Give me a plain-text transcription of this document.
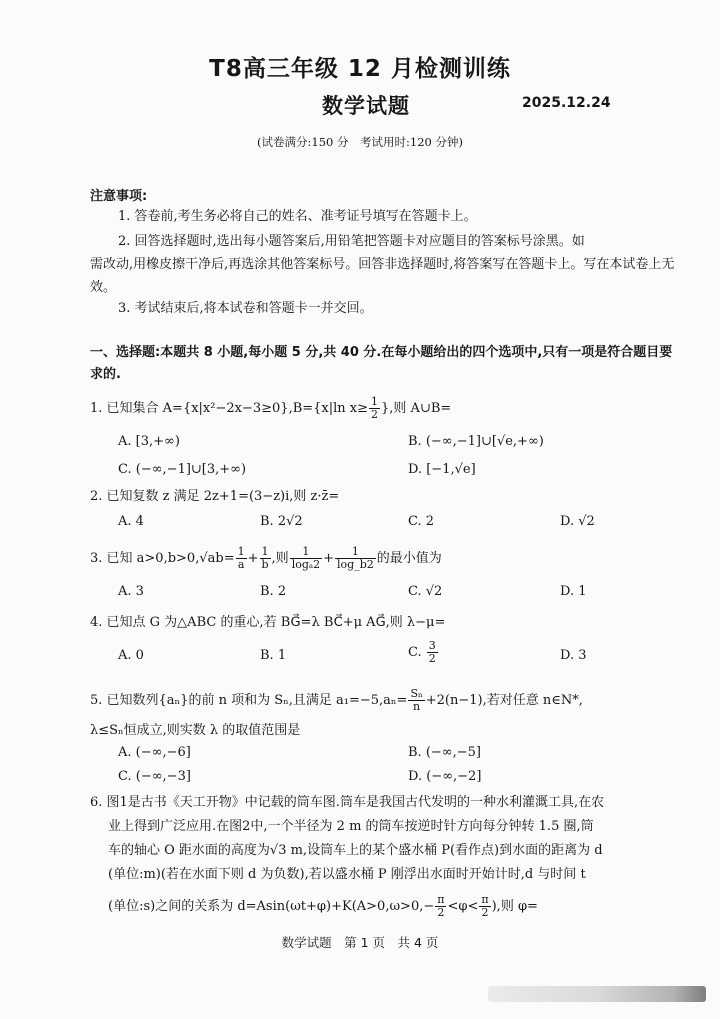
T8高三年级 12 月检测训练
数学试题	2025.12.24
(试卷满分:150 分　考试用时:120 分钟)
注意事项:
1. 答卷前,考生务必将自己的姓名、准考证号填写在答题卡上。
2. 回答选择题时,选出每小题答案后,用铅笔把答题卡对应题目的答案标号涂黑。如
需改动,用橡皮擦干净后,再选涂其他答案标号。回答非选择题时,将答案写在答题卡上。写在本试卷上无效。
3. 考试结束后,将本试卷和答题卡一并交回。
一、选择题:本题共 8 小题,每小题 5 分,共 40 分.在每小题给出的四个选项中,只有一项是符合题目要求的.
1. 已知集合 A={x|x²−2x−3≥0},B={x|ln $x\ge \frac{1}{2}$ },则 A∪B=
A. [3,+∞)	B. (−∞,−1]∪[√e,+∞)
C. (−∞,−1]∪[3,+∞)	D. [−1,√e]
2. 已知复数 z 满足 2z+1=(3−z)i,则 z·z̄=
A. 4	B. 2√2	C. 2	D. √2
3. 已知 $a>0,b>0,√ab= \frac{1}{a} + \frac{1}{b}$ ,则 $\frac{1}{\text{logₐ2}} + \frac{1}{\log\_b2}$ 的最小值为
A. 3	B. 2	C. √2	D. 1
4. 已知点 G 为△ABC 的重心,若 BG⃗=λ BC⃗+μ AG⃗,则 λ−μ=
A. 0	B. 1	C. $\frac{3}{2}$	D. 3
5. 已知数列{aₙ}的前 n 项和为 Sₙ,且满足 $a_1=-5,a_n= \frac{\text{Sₙ}}{n} +2(n-1)$,若对任意 n∈N*,
λ≤Sₙ恒成立,则实数 λ 的取值范围是
A. (−∞,−6]	B. (−∞,−5]
C. (−∞,−3]	D. (−∞,−2]
6. 图1是古书《天工开物》中记载的筒车图.筒车是我国古代发明的一种水利灌溉工具,在农
业上得到广泛应用.在图2中,一个半径为 2 m 的筒车按逆时针方向每分钟转 1.5 圈,筒
车的轴心 O 距水面的高度为√3 m,设筒车上的某个盛水桶 P(看作点)到水面的距离为 d
(单位:m)(若在水面下则 d 为负数),若以盛水桶 P 刚浮出水面时开始计时,d 与时间 t
(单位:s)之间的关系为 $d=Asin(\omega t+\varphi)+K(A>0,\omega>0,- \frac{\pi}{2} <\varphi< \frac{\pi}{2}$ ),则 φ=
数学试题　第 1 页　共 4 页
